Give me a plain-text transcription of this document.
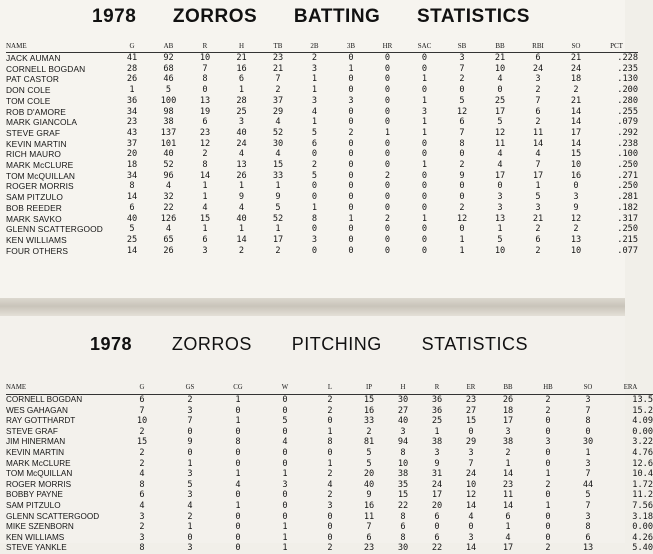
1978 ZORROS BATTING STATISTICS
NAME	G	AB	R	H	TB	2B	3B	HR	SAC	SB	BB	RBI	SO	PCT
JACK AUMAN	41	92	10	21	23	2	0	0	0	3	21	6	21	.228
CORNELL BOGDAN	28	68	7	16	21	3	1	0	0	7	10	24	24	.235
PAT CASTOR	26	46	8	6	7	1	0	0	1	2	4	3	18	.130
DON COLE	1	5	0	1	2	1	0	0	0	0	0	2	2	.200
TOM COLE	36	100	13	28	37	3	3	0	1	5	25	7	21	.280
ROB D'AMORE	34	98	19	25	29	4	0	0	3	12	17	6	14	.255
MARK GIANCOLA	23	38	6	3	4	1	0	0	1	6	5	2	14	.079
STEVE GRAF	43	137	23	40	52	5	2	1	1	7	12	11	17	.292
KEVIN MARTIN	37	101	12	24	30	6	0	0	0	8	11	14	14	.238
RICH MAURO	20	40	2	4	4	0	0	0	0	0	4	4	15	.100
MARK McCLURE	18	52	8	13	15	2	0	0	1	2	4	7	10	.250
TOM McQUILLAN	34	96	14	26	33	5	0	2	0	9	17	17	16	.271
ROGER MORRIS	8	4	1	1	1	0	0	0	0	0	0	1	0	.250
SAM PITZULO	14	32	1	9	9	0	0	0	0	0	3	5	3	.281
BOB REEDER	6	22	4	4	5	1	0	0	0	2	3	3	9	.182
MARK SAVKO	40	126	15	40	52	8	1	2	1	12	13	21	12	.317
GLENN SCATTERGOOD	5	4	1	1	1	0	0	0	0	0	1	2	2	.250
KEN WILLIAMS	25	65	6	14	17	3	0	0	0	1	5	6	13	.215
FOUR OTHERS	14	26	3	2	2	0	0	0	0	1	10	2	10	.077
1978 ZORROS PITCHING STATISTICS
NAME	G	GS	CG	W	L	IP	H	R	ER	BB	HB	SO	ERA
CORNELL BOGDAN	6	2	1	0	2	15	30	36	23	26	2	3	13.5
WES GAHAGAN	7	3	0	0	2	16	27	36	27	18	2	7	15.2
RAY GOTTHARDT	10	7	1	5	0	33	40	25	15	17	0	8	4.09
STEVE GRAF	2	0	0	0	1	2	3	1	0	3	0	0	0.00
JIM HINERMAN	15	9	8	4	8	81	94	38	29	38	3	30	3.22
KEVIN MARTIN	2	0	0	0	0	5	8	3	3	2	0	1	4.76
MARK McCLURE	2	1	0	0	1	5	10	9	7	1	0	3	12.6
TOM McQUILLAN	4	3	1	1	2	20	38	31	24	14	1	7	10.4
ROGER MORRIS	8	5	4	3	4	40	35	24	10	23	2	44	1.72
BOBBY PAYNE	6	3	0	0	2	9	15	17	12	11	0	5	11.2
SAM PITZULO	4	4	1	0	3	16	22	20	14	14	1	7	7.56
GLENN SCATTERGOOD	3	2	0	0	0	11	8	6	4	6	0	3	3.18
MIKE SZENBORN	2	1	0	1	0	7	6	0	0	1	0	8	0.00
KEN WILLIAMS	3	0	0	1	0	6	8	6	3	4	0	6	4.26
STEVE YANKLE	8	3	0	1	2	23	30	22	14	17	2	13	5.40
